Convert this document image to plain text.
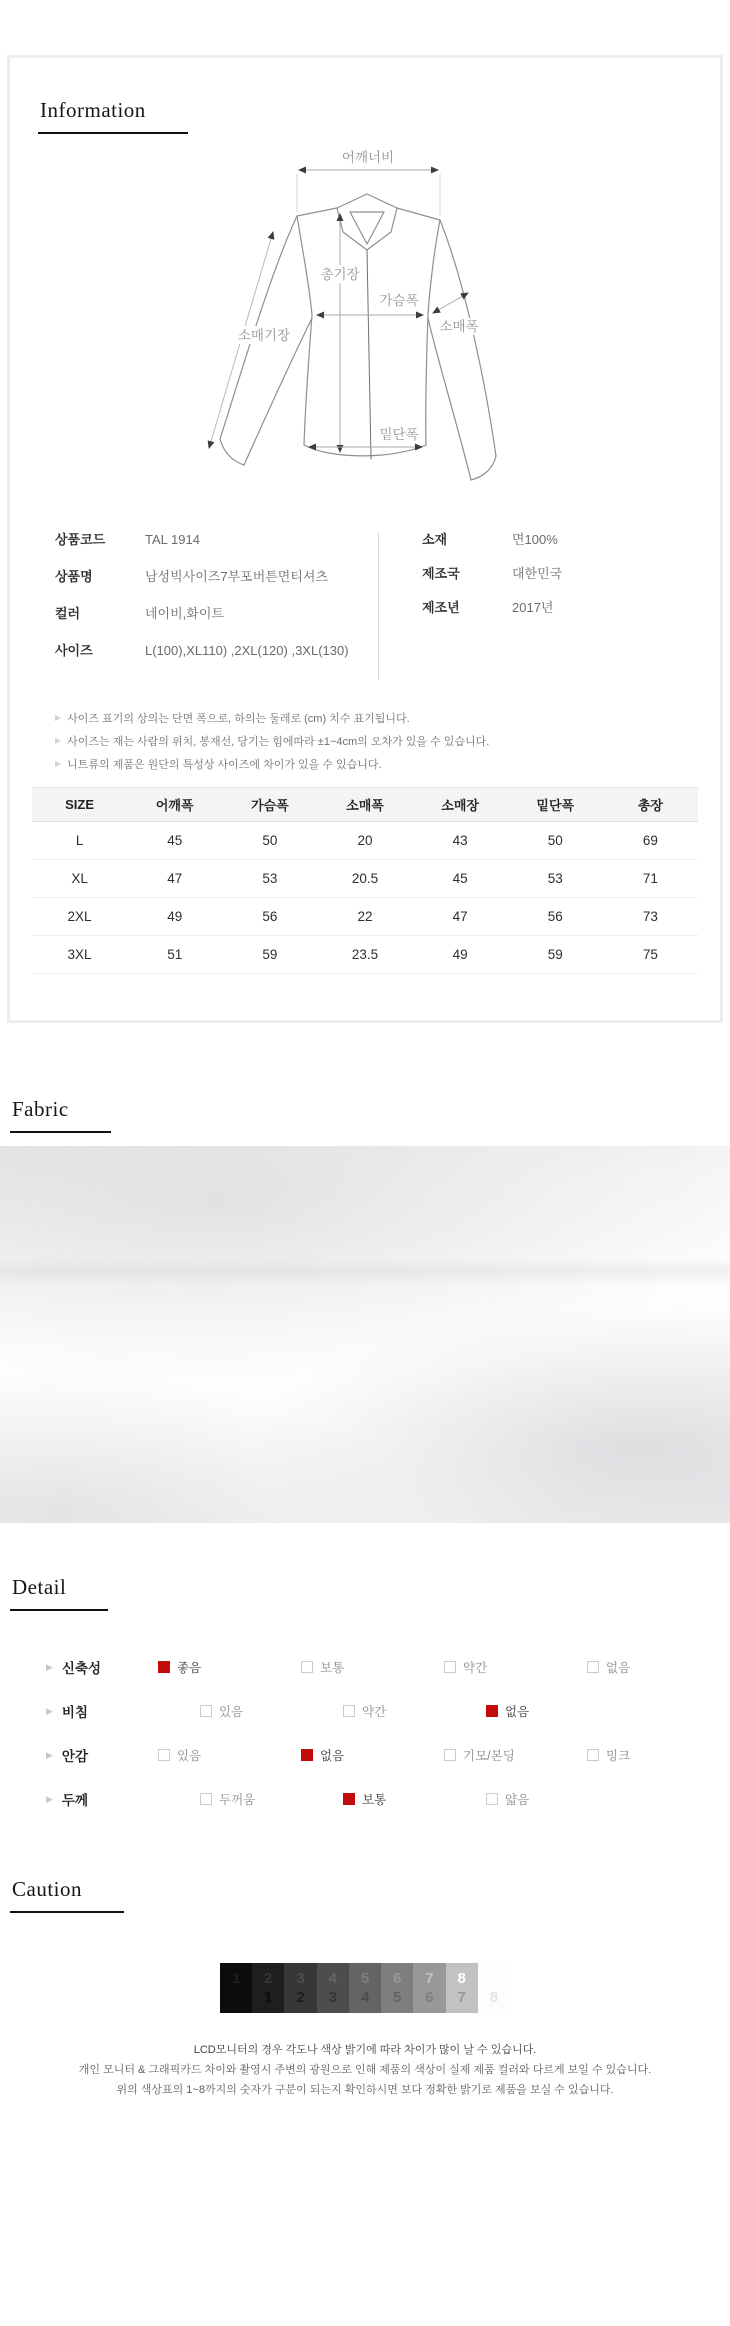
Information
어깨너비
총기장
가슴폭
소매폭
소매기장
밑단폭
상품코드	TAL 1914
상품명	남성빅사이즈7부포버튼면티셔츠
컬러	네이비,화이트
사이즈	L(100),XL110) ,2XL(120) ,3XL(130)
소재	면100%
제조국	대한민국
제조년	2017년
▶ 사이즈 표기의 상의는 단면 폭으로, 하의는 둘레로 (cm) 치수 표기됩니다.
▶ 사이즈는 재는 사람의 위치, 봉재선, 당기는 힘에따라 ±1~4cm의 오차가 있을 수 있습니다.
▶ 니트류의 제품은 원단의 특성상 사이즈에 차이가 있을 수 있습니다.
SIZE	어깨폭	가슴폭	소매폭	소매장	밑단폭	총장
L	45	50	20	43	50	69
XL	47	53	20.5	45	53	71
2XL	49	56	22	47	56	73
3XL	51	59	23.5	49	59	75
Fabric
Detail
▶ 신축성	좋음	보통	약간	없음
▶ 비침	있음	약간	없음
▶ 안감	있음	없음	기모/본딩	밍크
▶ 두께	두꺼움	보통	얇음
Caution
1 2
1
3
2
4
3
5
4
6
5
7
6
8
7 8
LCD모니터의 경우 각도나 색상 밝기에 따라 차이가 많이 날 수 있습니다.
개인 모니터 & 그래픽카드 차이와 촬영시 주변의 광원으로 인해 제품의 색상이 실제 제품 컬러와 다르게 보일 수 있습니다.
위의 색상표의 1~8까지의 숫자가 구분이 되는지 확인하시면 보다 정확한 밝기로 제품을 보실 수 있습니다.
